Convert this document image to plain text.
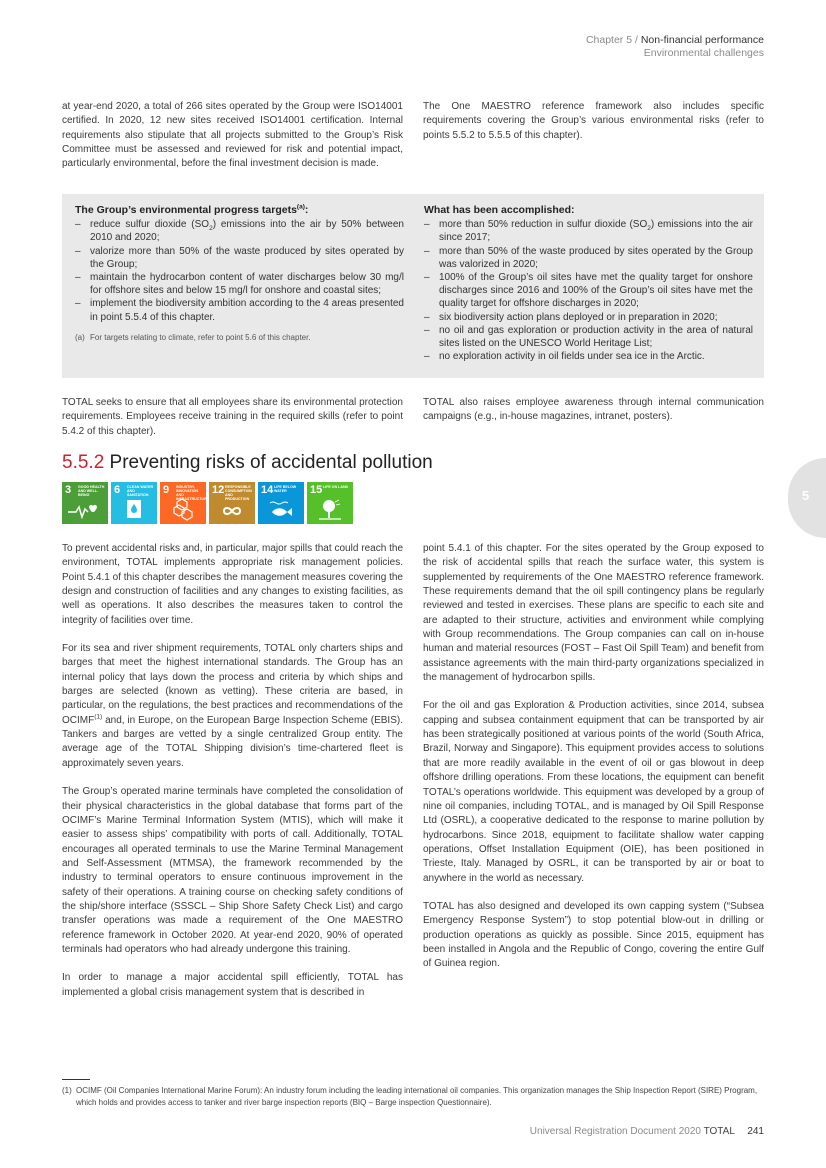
Chapter 5 / Non-financial performance
Environmental challenges

at year-end 2020, a total of 266 sites operated by the Group were ISO14001 certified. In 2020, 12 new sites received ISO14001 certification. Internal requirements also stipulate that all projects submitted to the Group’s Risk Committee must be assessed and reviewed for risk and potential impact, particularly environmental, before the final investment decision is made.

The One MAESTRO reference framework also includes specific requirements covering the Group’s various environmental risks (refer to points 5.5.2 to 5.5.5 of this chapter).

The Group’s environmental progress targets$^{(a)}$:
– reduce sulfur dioxide $(SO_2)$ emissions into the air by 50% between 2010 and 2020;
– valorize more than 50% of the waste produced by sites operated by the Group;
– maintain the hydrocarbon content of water discharges below 30 mg/l for offshore sites and below 15 mg/l for onshore and coastal sites;
– implement the biodiversity ambition according to the 4 areas presented in point 5.5.4 of this chapter.
(a) For targets relating to climate, refer to point 5.6 of this chapter.
What has been accomplished:
– more than 50% reduction in sulfur dioxide $(SO_2)$ emissions into the air since 2017;
– more than 50% of the waste produced by sites operated by the Group was valorized in 2020;
– 100% of the Group’s oil sites have met the quality target for onshore discharges since 2016 and 100% of the Group’s oil sites have met the quality target for offshore discharges in 2020;
– six biodiversity action plans deployed or in preparation in 2020;
– no oil and gas exploration or production activity in the area of natural sites listed on the UNESCO World Heritage List;
– no exploration activity in oil fields under sea ice in the Arctic.

TOTAL seeks to ensure that all employees share its environmental protection requirements. Employees receive training in the required skills (refer to point 5.4.2 of this chapter).

TOTAL also raises employee awareness through internal communication campaigns (e.g., in-house magazines, intranet, posters).

5.5.2 Preventing risks of accidental pollution
3 GOOD HEALTH AND WELL-BEING	6 CLEAN WATER AND SANITATION	9 INDUSTRY, INNOVATION AND INFRASTRUCTURE
12 RESPONSIBLE CONSUMPTION AND PRODUCTION
14 LIFE BELOW WATER	15 LIFE ON LAND
5

To prevent accidental risks and, in particular, major spills that could reach the environment, TOTAL implements appropriate risk management policies. Point 5.4.1 of this chapter describes the management measures covering the design and construction of facilities and any changes to existing facilities, as well as operations. It also describes the measures taken to control the integrity of facilities over time.

For its sea and river shipment requirements, TOTAL only charters ships and barges that meet the highest international standards. The Group has an internal policy that lays down the process and criteria by which ships and barges are selected (known as vetting). These criteria are based, in particular, on the regulations, the best practices and recommendations of the OCIMF$^{(1)}$ and, in Europe, on the European Barge Inspection Scheme (EBIS). Tankers and barges are vetted by a single centralized Group entity. The average age of the TOTAL Shipping division’s time-chartered fleet is approximately seven years.

The Group’s operated marine terminals have completed the consolidation of their physical characteristics in the global database that forms part of the OCIMF’s Marine Terminal Information System (MTIS), which will make it easier to assess ships’ compatibility with ports of call. Additionally, TOTAL encourages all operated terminals to use the Marine Terminal Management and Self-Assessment (MTMSA), the framework recommended by the industry to terminal operators to ensure continuous improvement in the safety of their operations. A training course on checking safety conditions of the ship/shore interface (SSSCL – Ship Shore Safety Check List) and cargo transfer operations was made a requirement of the One MAESTRO reference framework in October 2020. At year-end 2020, 90% of operated terminals had operators who had already undergone this training.

In order to manage a major accidental spill efficiently, TOTAL has implemented a global crisis management system that is described in

point 5.4.1 of this chapter. For the sites operated by the Group exposed to the risk of accidental spills that reach the surface water, this system is supplemented by requirements of the One MAESTRO reference framework. These requirements demand that the oil spill contingency plans be regularly reviewed and tested in exercises. These plans are specific to each site and are adapted to their structure, activities and environment while complying with Group recommendations. The Group companies can call on in-house human and material resources (FOST – Fast Oil Spill Team) and benefit from assistance agreements with the main third-party organizations specialized in the management of hydrocarbon spills.

For the oil and gas Exploration & Production activities, since 2014, subsea capping and subsea containment equipment that can be transported by air has been strategically positioned at various points of the world (South Africa, Brazil, Norway and Singapore). This equipment provides access to solutions that are more readily available in the event of oil or gas blowout in deep offshore drilling operations. From these locations, the equipment can benefit TOTAL’s operations worldwide. This equipment was developed by a group of nine oil companies, including TOTAL, and is managed by Oil Spill Response Ltd (OSRL), a cooperative dedicated to the response to marine pollution by hydrocarbons. Since 2018, equipment to facilitate shallow water capping operations, Offset Installation Equipment (OIE), has been positioned in Trieste, Italy. Managed by OSRL, it can be transported by air or boat to anywhere in the world as necessary.

TOTAL has also designed and developed its own capping system (“Subsea Emergency Response System”) to stop potential blow-out in drilling or production operations as quickly as possible. Since 2015, equipment has been installed in Angola and the Republic of Congo, covering the entire Gulf of Guinea region.

(1) OCIMF (Oil Companies International Marine Forum): An industry forum including the leading international oil companies. This organization manages the Ship Inspection Report (SIRE) Program, which holds and provides access to tanker and river barge inspection reports (BIQ – Barge inspection Questionnaire).
Universal Registration Document 2020 TOTAL 241
